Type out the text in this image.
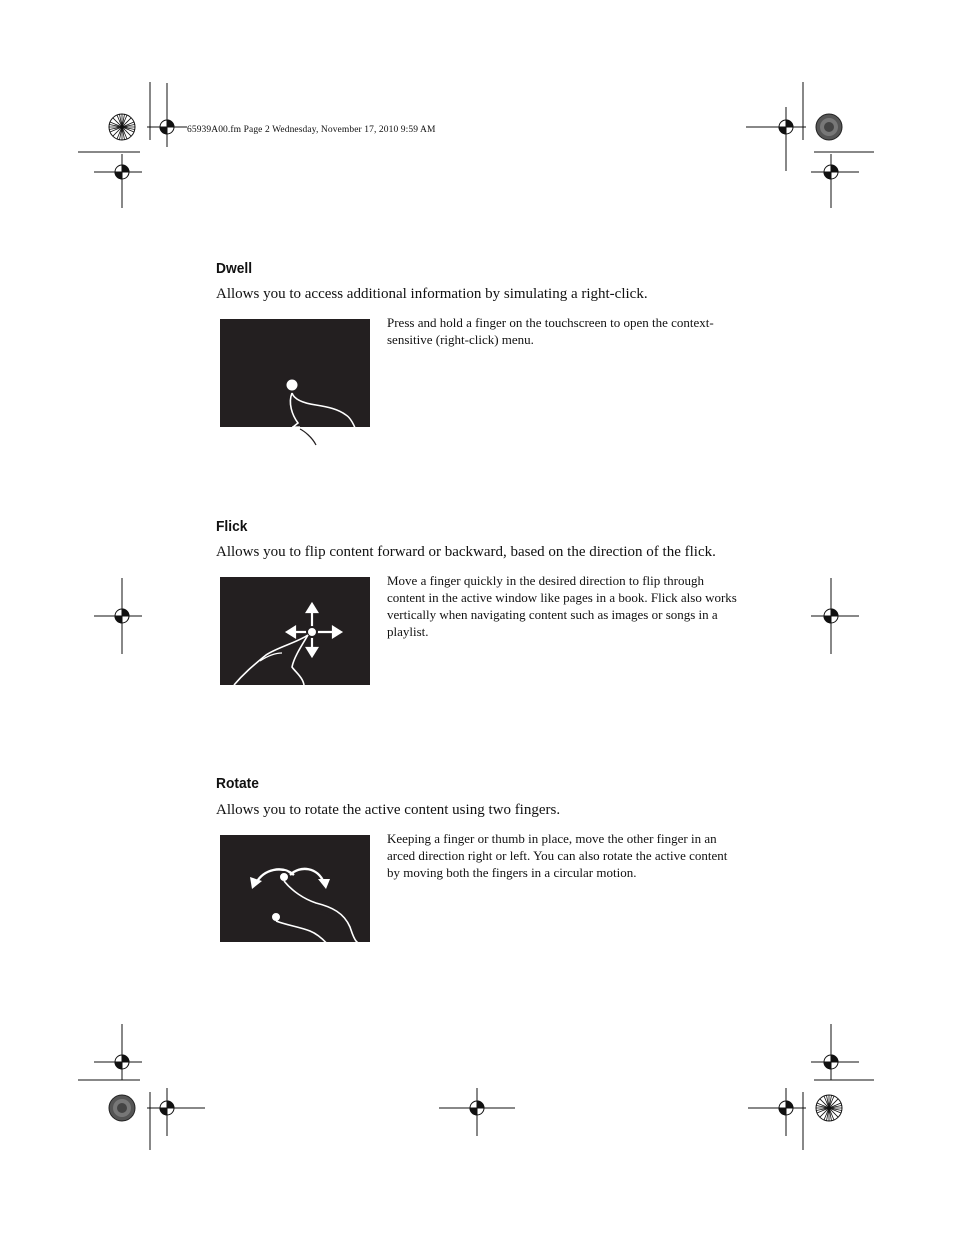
65939A00.fm Page 2 Wednesday, November 17, 2010 9:59 AM
Dwell
Allows you to access additional information by simulating a right-click.
Press and hold a finger on the touchscreen to open the context-sensitive (right-click) menu.
Flick
Allows you to flip content forward or backward, based on the direction of the flick.
Move a finger quickly in the desired direction to flip through content in the active window like pages in a book. Flick also works vertically when navigating content such as images or songs in a playlist.
Rotate
Allows you to rotate the active content using two fingers.
Keeping a finger or thumb in place, move the other finger in an arced direction right or left. You can also rotate the active content by moving both the fingers in a circular motion.
